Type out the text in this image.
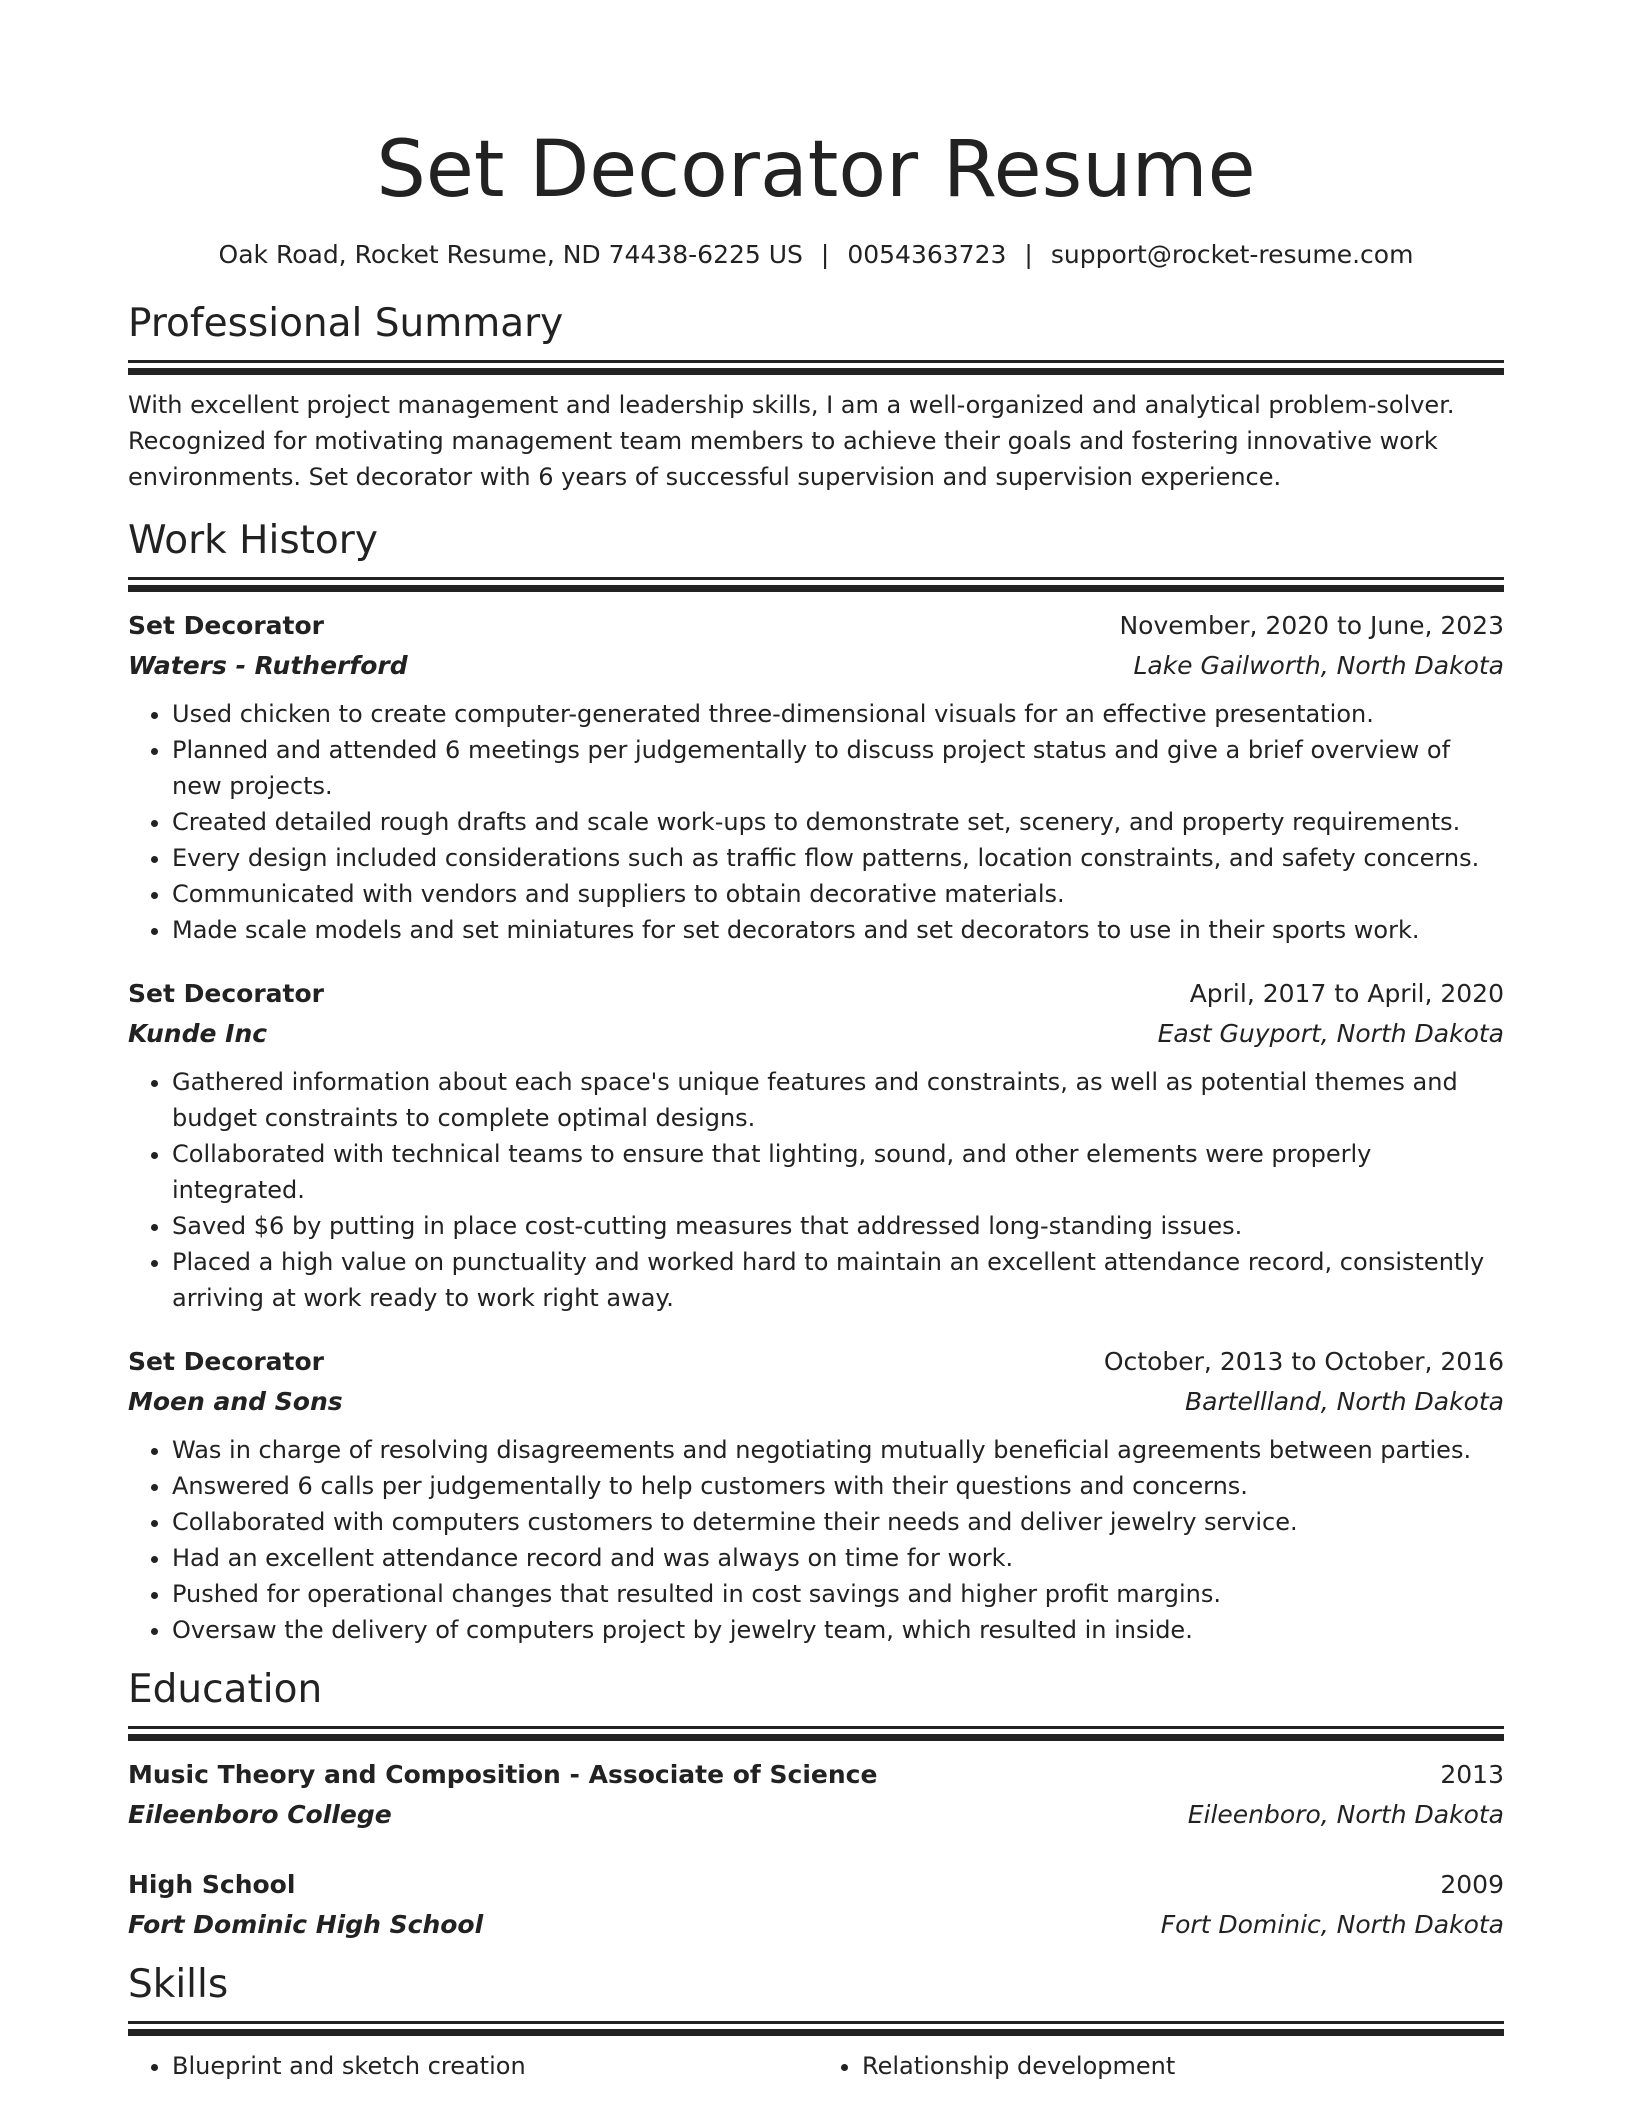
Set Decorator Resume
Oak Road, Rocket Resume, ND 74438-6225 US | 0054363723 | support@rocket-resume.com
Professional Summary

With excellent project management and leadership skills, I am a well-organized and analytical problem-solver. Recognized for motivating management team members to achieve their goals and fostering innovative work environments. Set decorator with 6 years of successful supervision and supervision experience.

Work History
Set Decorator	November, 2020 to June, 2023
Waters - Rutherford	Lake Gailworth, North Dakota
• Used chicken to create computer-generated three-dimensional visuals for an effective presentation.
• Planned and attended 6 meetings per judgementally to discuss project status and give a brief overview of new projects.
• Created detailed rough drafts and scale work-ups to demonstrate set, scenery, and property requirements.
• Every design included considerations such as traffic flow patterns, location constraints, and safety concerns.
• Communicated with vendors and suppliers to obtain decorative materials.
• Made scale models and set miniatures for set decorators and set decorators to use in their sports work.
Set Decorator	April, 2017 to April, 2020
Kunde Inc	East Guyport, North Dakota
• Gathered information about each space's unique features and constraints, as well as potential themes and budget constraints to complete optimal designs.
• Collaborated with technical teams to ensure that lighting, sound, and other elements were properly integrated.
• Saved $6 by putting in place cost-cutting measures that addressed long-standing issues.
• Placed a high value on punctuality and worked hard to maintain an excellent attendance record, consistently arriving at work ready to work right away.
Set Decorator	October, 2013 to October, 2016
Moen and Sons	Bartellland, North Dakota
• Was in charge of resolving disagreements and negotiating mutually beneficial agreements between parties.
• Answered 6 calls per judgementally to help customers with their questions and concerns.
• Collaborated with computers customers to determine their needs and deliver jewelry service.
• Had an excellent attendance record and was always on time for work.
• Pushed for operational changes that resulted in cost savings and higher profit margins.
• Oversaw the delivery of computers project by jewelry team, which resulted in inside.
Education
Music Theory and Composition - Associate of Science	2013
Eileenboro College	Eileenboro, North Dakota
High School	2009
Fort Dominic High School	Fort Dominic, North Dakota
Skills
• Blueprint and sketch creation
•	Relationship development
